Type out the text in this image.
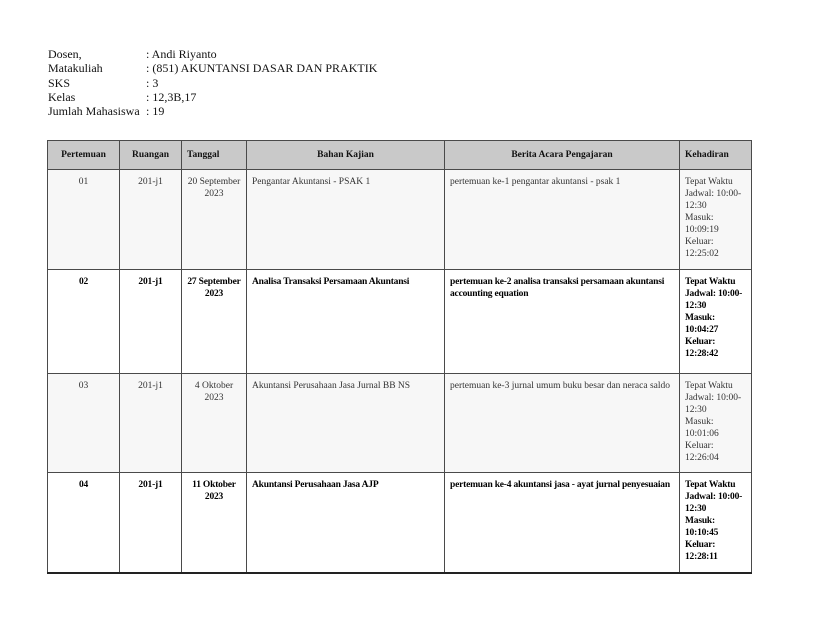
Dosen,	: Andi Riyanto
Matakuliah	: (851) AKUNTANSI DASAR DAN PRAKTIK
SKS	: 3
Kelas	: 12,3B,17
Jumlah Mahasiswa : 19
Pertemuan	Ruangan	Tanggal	Bahan Kajian	Berita Acara Pengajaran	Kehadiran
01	201-j1	20 September 2023	Pengantar Akuntansi - PSAK 1	pertemuan ke-1 pengantar akuntansi - psak 1	Tepat Waktu
Jadwal: 10:00-12:30
Masuk: 10:09:19
Keluar: 12:25:02

02	201-j1	27 September 2023	Analisa Transaksi Persamaan Akuntansi	pertemuan ke-2 analisa transaksi persamaan akuntansi accounting equation	Tepat Waktu
Jadwal: 10:00-12:30
Masuk: 10:04:27
Keluar: 12:28:42

03	201-j1	4 Oktober 2023	Akuntansi Perusahaan Jasa Jurnal BB NS	pertemuan ke-3 jurnal umum buku besar dan neraca saldo	Tepat Waktu
Jadwal: 10:00-12:30
Masuk: 10:01:06
Keluar: 12:26:04

04	201-j1	11 Oktober 2023	Akuntansi Perusahaan Jasa AJP	pertemuan ke-4 akuntansi jasa - ayat jurnal penyesuaian	Tepat Waktu
Jadwal: 10:00-12:30
Masuk: 10:10:45
Keluar: 12:28:11
